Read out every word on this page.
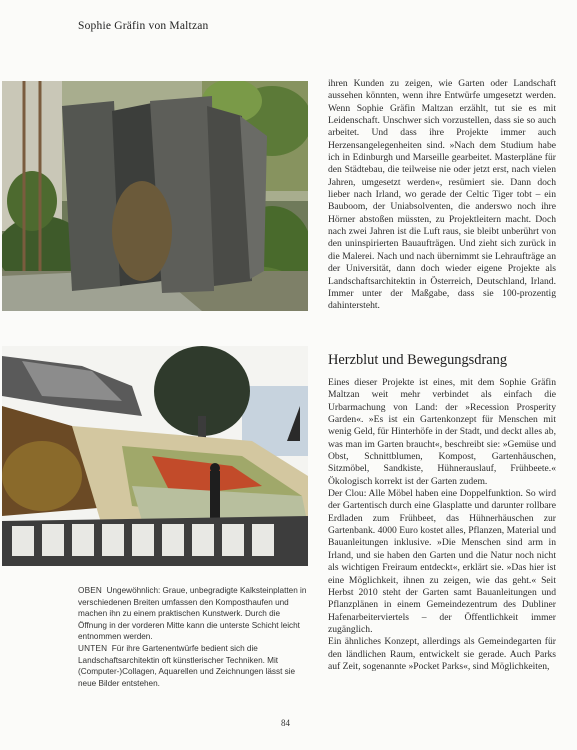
Sophie Gräfin von Maltzan

OBEN Ungewöhnlich: Graue, unbegradigte Kalksteinplatten in verschiedenen Breiten umfassen den Komposthaufen und machen ihn zu einem praktischen Kunstwerk. Durch die Öffnung in der vorderen Mitte kann die unterste Schicht leicht entnommen werden.

UNTEN Für ihre Gartenentwürfe bedient sich die Landschaftsarchitektin oft künstlerischer Techniken. Mit (Computer-)Collagen, Aquarellen und Zeichnungen lässt sie neue Bilder entstehen.

ihren Kunden zu zeigen, wie Garten oder Landschaft aussehen könnten, wenn ihre Entwürfe umgesetzt werden. Wenn Sophie Gräfin Maltzan erzählt, tut sie es mit Leidenschaft. Unschwer sich vorzustellen, dass sie so auch arbeitet. Und dass ihre Projekte immer auch Herzensangelegenheiten sind. »Nach dem Studium habe ich in Edinburgh und Marseille gearbeitet. Masterpläne für den Städtebau, die teilweise nie oder jetzt erst, nach vielen Jahren, umgesetzt werden«, resümiert sie. Dann doch lieber nach Irland, wo gerade der Celtic Tiger tobt – ein Bauboom, der Uniabsolventen, die anderswo noch ihre Hörner abstoßen müssten, zu Projektleitern macht. Doch nach zwei Jahren ist die Luft raus, sie bleibt unberührt von den uninspirierten Bauaufträgen. Und zieht sich zurück in die Malerei. Nach und nach übernimmt sie Lehraufträge an der Universität, dann doch wieder eigene Projekte als Landschaftsarchitektin in Österreich, Deutschland, Irland. Immer unter der Maßgabe, dass sie 100-prozentig dahintersteht.

Herzblut und Bewegungsdrang

Eines dieser Projekte ist eines, mit dem Sophie Gräfin Maltzan weit mehr verbindet als einfach die Urbarmachung von Land: der »Recession Prosperity Garden«. »Es ist ein Gartenkonzept für Menschen mit wenig Geld, für Hinterhöfe in der Stadt, und deckt alles ab, was man im Garten braucht«, beschreibt sie: »Gemüse und Obst, Schnittblumen, Kompost, Gartenhäuschen, Sitzmöbel, Sandkiste, Hühnerauslauf, Frühbeete.« Ökologisch korrekt ist der Garten zudem.

Der Clou: Alle Möbel haben eine Doppelfunktion. So wird der Gartentisch durch eine Glasplatte und darunter rollbare Erdladen zum Frühbeet, das Hühnerhäuschen zur Gartenbank. 4000 Euro kostet alles, Pflanzen, Material und Bauanleitungen inklusive. »Die Menschen sind arm in Irland, und sie haben den Garten und die Natur noch nicht als wichtigen Freiraum entdeckt«, erklärt sie. »Das hier ist eine Möglichkeit, ihnen zu zeigen, wie das geht.« Seit Herbst 2010 steht der Garten samt Bauanleitungen und Pflanzplänen in einem Gemeindezentrum des Dubliner Hafenarbeiterviertels – der Öffentlichkeit immer zugänglich.

Ein ähnliches Konzept, allerdings als Gemeindegarten für den ländlichen Raum, entwickelt sie gerade. Auch Parks auf Zeit, sogenannte »Pocket Parks«, sind Möglichkeiten,

84
